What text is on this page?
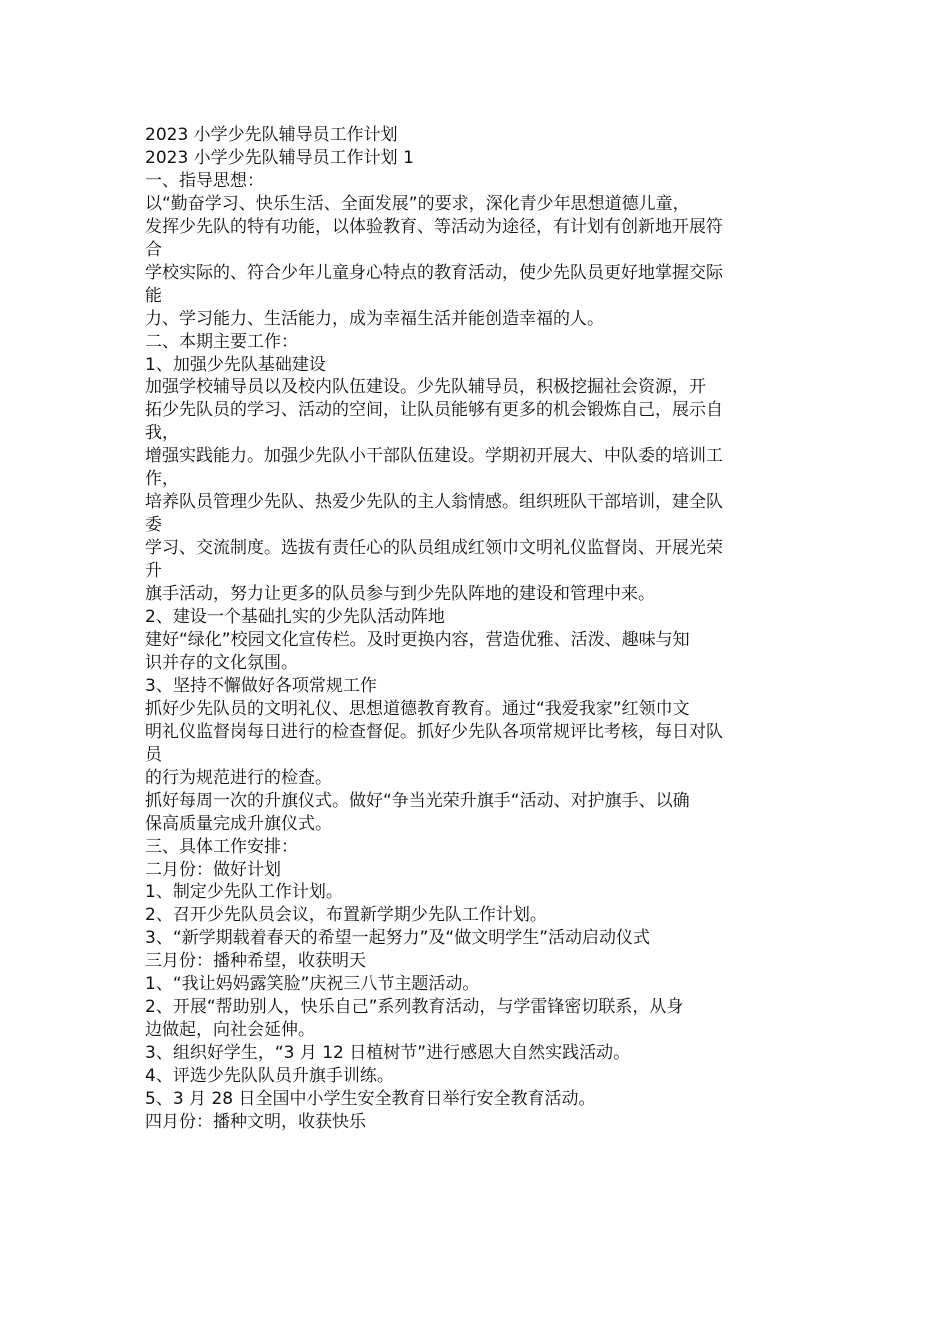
2023 小学少先队辅导员工作计划
2023 小学少先队辅导员工作计划 1
一、指导思想：
以“勤奋学习、快乐生活、全面发展”的要求，深化青少年思想道德儿童，
发挥少先队的特有功能，以体验教育、等活动为途径，有计划有创新地开展符
合
学校实际的、符合少年儿童身心特点的教育活动，使少先队员更好地掌握交际
能
力、学习能力、生活能力，成为幸福生活并能创造幸福的人。
二、本期主要工作：
1、加强少先队基础建设
加强学校辅导员以及校内队伍建设。少先队辅导员，积极挖掘社会资源，开
拓少先队员的学习、活动的空间，让队员能够有更多的机会锻炼自己，展示自
我，
增强实践能力。加强少先队小干部队伍建设。学期初开展大、中队委的培训工
作，
培养队员管理少先队、热爱少先队的主人翁情感。组织班队干部培训，建全队
委
学习、交流制度。选拔有责任心的队员组成红领巾文明礼仪监督岗、开展光荣
升
旗手活动，努力让更多的队员参与到少先队阵地的建设和管理中来。
2、建设一个基础扎实的少先队活动阵地
建好“绿化”校园文化宣传栏。及时更换内容，营造优雅、活泼、趣味与知
识并存的文化氛围。
3、坚持不懈做好各项常规工作
抓好少先队员的文明礼仪、思想道德教育教育。通过“我爱我家”红领巾文
明礼仪监督岗每日进行的检查督促。抓好少先队各项常规评比考核，每日对队
员
的行为规范进行的检查。
抓好每周一次的升旗仪式。做好“争当光荣升旗手“活动、对护旗手、以确
保高质量完成升旗仪式。
三、具体工作安排：
二月份：做好计划
1、制定少先队工作计划。
2、召开少先队员会议，布置新学期少先队工作计划。
3、“新学期载着春天的希望一起努力”及“做文明学生”活动启动仪式
三月份：播种希望，收获明天
1、“我让妈妈露笑脸”庆祝三八节主题活动。
2、开展“帮助别人，快乐自己”系列教育活动，与学雷锋密切联系，从身
边做起，向社会延伸。
3、组织好学生，“3 月 12 日植树节”进行感恩大自然实践活动。
4、评选少先队队员升旗手训练。
5、3 月 28 日全国中小学生安全教育日举行安全教育活动。
四月份：播种文明，收获快乐
